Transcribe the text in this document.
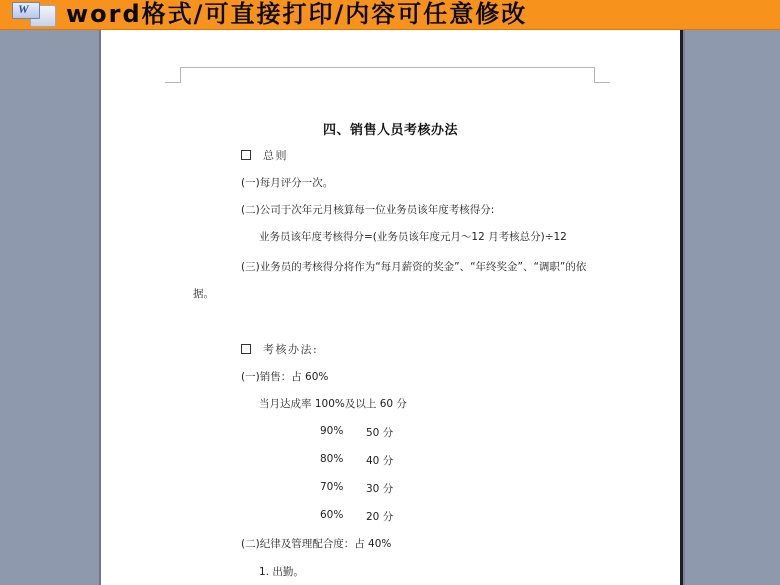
W word格式/可直接打印/内容可任意修改
四、销售人员考核办法
总则
(一)每月评分一次。
(二)公司于次年元月核算每一位业务员该年度考核得分:
业务员该年度考核得分=(业务员该年度元月～12 月考核总分)÷12
(三)业务员的考核得分将作为“每月薪资的奖金”、“年终奖金”、“调职”的依
据。
考核办法:
(一)销售：占 60%
当月达成率 100%及以上 60 分
90% 50 分
80% 40 分
70% 30 分
60% 20 分
(二)纪律及管理配合度：占 40%
1. 出勤。
